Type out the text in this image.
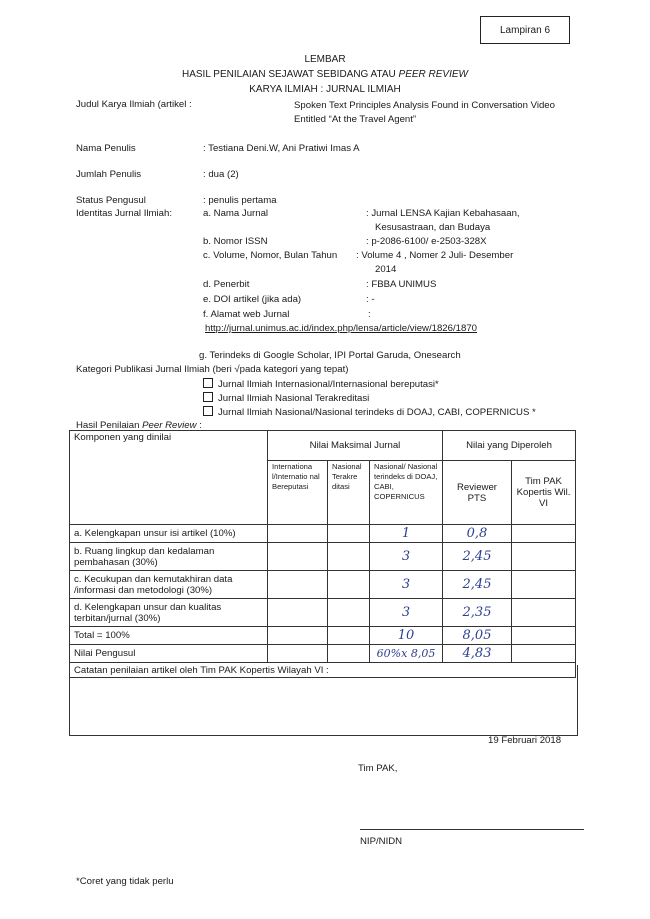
Lampiran 6
LEMBAR
HASIL PENILAIAN SEJAWAT SEBIDANG ATAU PEER REVIEW
KARYA ILMIAH : JURNAL ILMIAH
Judul Karya Ilmiah (artikel :	Spoken Text Principles Analysis Found in Conversation Video Entitled “At the Travel Agent”
Nama Penulis	: Testiana Deni.W, Ani Pratiwi Imas A
Jumlah Penulis	: dua (2)
Status Pengusul	: penulis pertama
Identitas Jurnal Ilmiah:	a. Nama Jurnal	: Jurnal LENSA Kajian Kebahasaan,
Kesusastraan, dan Budaya
b. Nomor ISSN	: p-2086-6100/ e-2503-328X
c. Volume, Nomor, Bulan Tahun : Volume 4 , Nomer 2 Juli- Desember
2014
d. Penerbit	: FBBA UNIMUS
e. DOI artikel (jika ada)	: -
f. Alamat web Jurnal	:
http://jurnal.unimus.ac.id/index.php/lensa/article/view/1826/1870
g. Terindeks di Google Scholar, IPI Portal Garuda, Onesearch
Kategori Publikasi Jurnal Ilmiah (beri √pada kategori yang tepat)
Jurnal Ilmiah Internasional/Internasional bereputasi*
Jurnal Ilmiah Nasional Terakreditasi
Jurnal Ilmiah Nasional/Nasional terindeks di DOAJ, CABI, COPERNICUS *
Hasil Penilaian Peer Review :
Komponen yang dinilai	Nilai Maksimal Jurnal			Nilai yang Diperoleh	
	Internationa l/Internatio nal Bereputasi	Nasional Terakre ditasi	Nasional/ Nasional terindeks di DOAJ, CABI, COPERNICUS	Reviewer PTS	Tim PAK Kopertis Wil. VI
a. Kelengkapan unsur isi artikel (10%)			1	0,8	
b. Ruang lingkup dan kedalaman pembahasan (30%)			3	2,45	
c. Kecukupan dan kemutakhiran data /informasi dan metodologi (30%)			3	2,45	
d. Kelengkapan unsur dan kualitas terbitan/jurnal (30%)			3	2,35	
Total = 100%			10	8,05	
Nilai Pengusul			60%x 8,05	4,83	
Catatan penilaian artikel oleh Tim PAK Kopertis Wilayah VI :					
19 Februari 2018
Tim PAK,
NIP/NIDN
*Coret yang tidak perlu
